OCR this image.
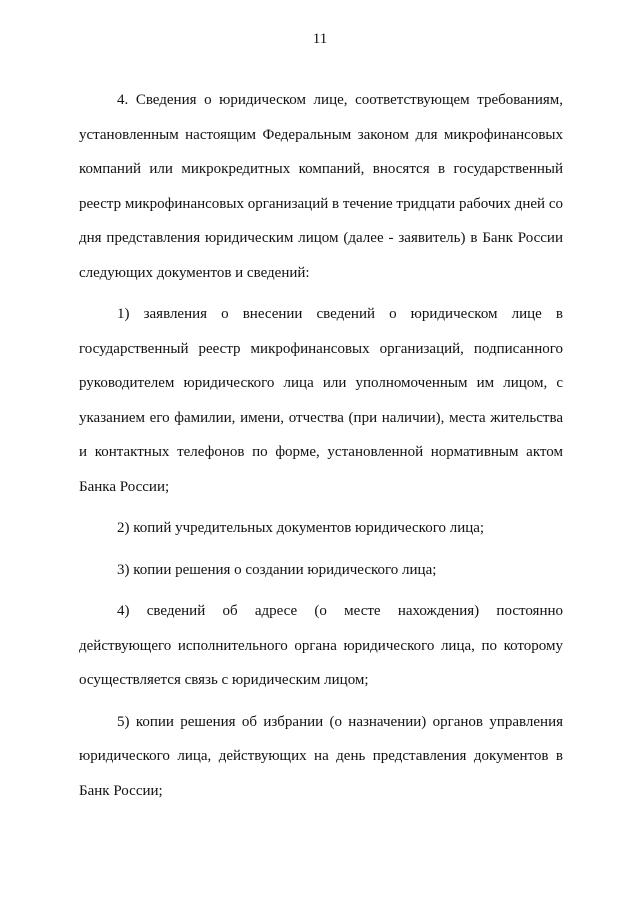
11

4. Сведения о юридическом лице, соответствующем требованиям, установленным настоящим Федеральным законом для микрофинансовых компаний или микрокредитных компаний, вносятся в государственный реестр микрофинансовых организаций в течение тридцати рабочих дней со дня представления юридическим лицом (далее - заявитель) в Банк России следующих документов и сведений:

1) заявления о внесении сведений о юридическом лице в государственный реестр микрофинансовых организаций, подписанного руководителем юридического лица или уполномоченным им лицом, с указанием его фамилии, имени, отчества (при наличии), места жительства и контактных телефонов по форме, установленной нормативным актом Банка России;

2) копий учредительных документов юридического лица;

3) копии решения о создании юридического лица;

4) сведений об адресе (о месте нахождения) постоянно действующего исполнительного органа юридического лица, по которому осуществляется связь с юридическим лицом;

5) копии решения об избрании (о назначении) органов управления юридического лица, действующих на день представления документов в Банк России;
